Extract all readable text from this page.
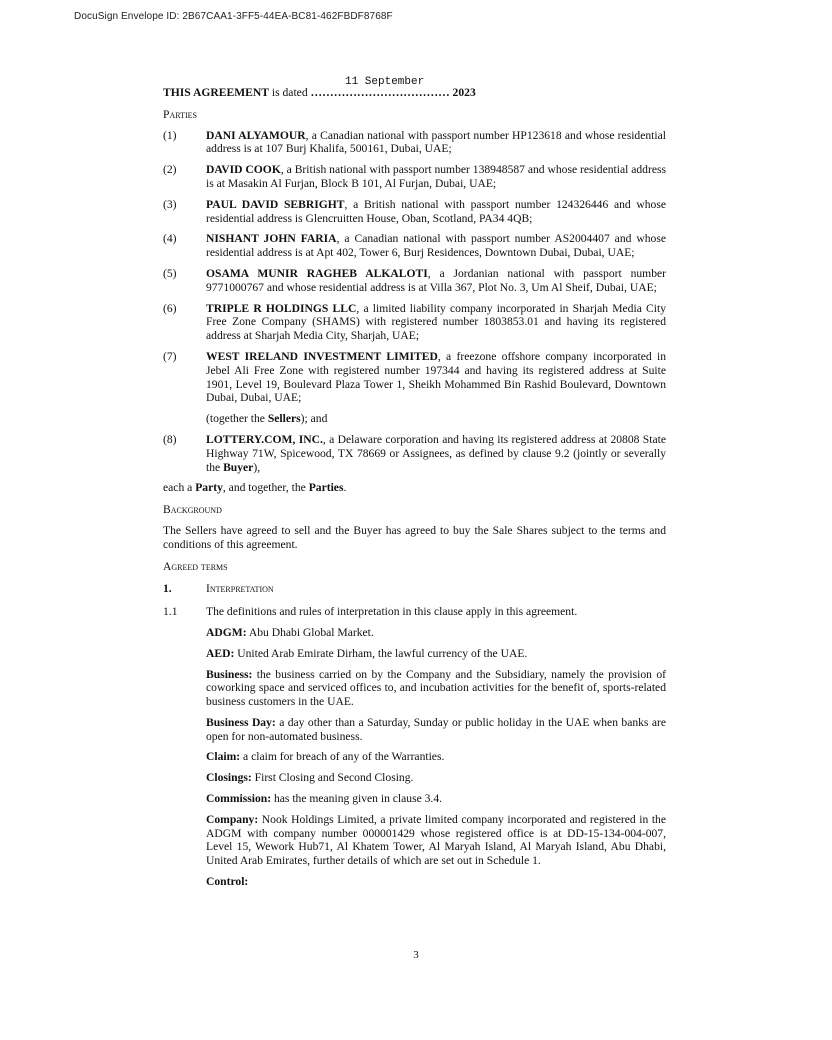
DocuSign Envelope ID: 2B67CAA1-3FF5-44EA-BC81-462FBDF8768F
11 September
THIS AGREEMENT is dated ……………………………… 2023
Parties
(1)	DANI ALYAMOUR, a Canadian national with passport number HP123618 and whose residential address is at 107 Burj Khalifa, 500161, Dubai, UAE;
(2)	DAVID COOK, a British national with passport number 138948587 and whose residential address is at Masakin Al Furjan, Block B 101, Al Furjan, Dubai, UAE;
(3)	PAUL DAVID SEBRIGHT, a British national with passport number 124326446 and whose residential address is Glencruitten House, Oban, Scotland, PA34 4QB;
(4)	NISHANT JOHN FARIA, a Canadian national with passport number AS2004407 and whose residential address is at Apt 402, Tower 6, Burj Residences, Downtown Dubai, Dubai, UAE;
(5)	OSAMA MUNIR RAGHEB ALKALOTI, a Jordanian national with passport number 9771000767 and whose residential address is at Villa 367, Plot No. 3, Um Al Sheif, Dubai, UAE;
(6)	TRIPLE R HOLDINGS LLC, a limited liability company incorporated in Sharjah Media City Free Zone Company (SHAMS) with registered number 1803853.01 and having its registered address at Sharjah Media City, Sharjah, UAE;
(7)	WEST IRELAND INVESTMENT LIMITED, a freezone offshore company incorporated in Jebel Ali Free Zone with registered number 197344 and having its registered address at Suite 1901, Level 19, Boulevard Plaza Tower 1, Sheikh Mohammed Bin Rashid Boulevard, Downtown Dubai, Dubai, UAE;
(together the Sellers); and
(8)	LOTTERY.COM, INC., a Delaware corporation and having its registered address at 20808 State Highway 71W, Spicewood, TX 78669 or Assignees, as defined by clause 9.2 (jointly or severally the Buyer),
each a Party, and together, the Parties.
Background
The Sellers have agreed to sell and the Buyer has agreed to buy the Sale Shares subject to the terms and conditions of this agreement.
Agreed terms
1.	Interpretation
1.1	The definitions and rules of interpretation in this clause apply in this agreement.
ADGM: Abu Dhabi Global Market.
AED: United Arab Emirate Dirham, the lawful currency of the UAE.
Business: the business carried on by the Company and the Subsidiary, namely the provision of coworking space and serviced offices to, and incubation activities for the benefit of, sports-related business customers in the UAE.
Business Day: a day other than a Saturday, Sunday or public holiday in the UAE when banks are open for non-automated business.
Claim: a claim for breach of any of the Warranties.
Closings: First Closing and Second Closing.
Commission: has the meaning given in clause 3.4.
Company: Nook Holdings Limited, a private limited company incorporated and registered in the ADGM with company number 000001429 whose registered office is at DD-15-134-004-007, Level 15, Wework Hub71, Al Khatem Tower, Al Maryah Island, Al Maryah Island, Abu Dhabi, United Arab Emirates, further details of which are set out in Schedule 1.
Control:
3
